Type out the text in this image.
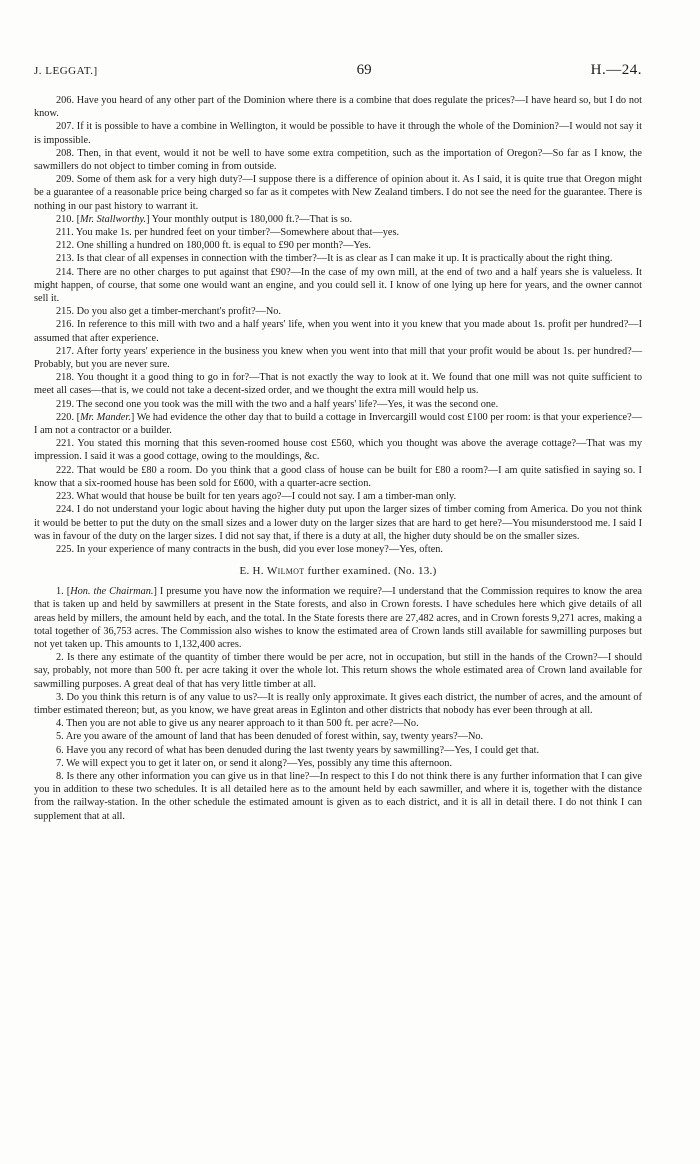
J. LEGGAT.]	69	H.—24.

206. Have you heard of any other part of the Dominion where there is a combine that does regulate the prices?—I have heard so, but I do not know.

207. If it is possible to have a combine in Wellington, it would be possible to have it through the whole of the Dominion?—I would not say it is impossible.

208. Then, in that event, would it not be well to have some extra competition, such as the importation of Oregon?—So far as I know, the sawmillers do not object to timber coming in from outside.

209. Some of them ask for a very high duty?—I suppose there is a difference of opinion about it. As I said, it is quite true that Oregon might be a guarantee of a reasonable price being charged so far as it competes with New Zealand timbers. I do not see the need for the guarantee. There is nothing in our past history to warrant it.

210. [Mr. Stallworthy.] Your monthly output is 180,000 ft.?—That is so.

211. You make 1s. per hundred feet on your timber?—Somewhere about that—yes.

212. One shilling a hundred on 180,000 ft. is equal to £90 per month?—Yes.

213. Is that clear of all expenses in connection with the timber?—It is as clear as I can make it up. It is practically about the right thing.

214. There are no other charges to put against that £90?—In the case of my own mill, at the end of two and a half years she is valueless. It might happen, of course, that some one would want an engine, and you could sell it. I know of one lying up here for years, and the owner cannot sell it.

215. Do you also get a timber-merchant's profit?—No.

216. In reference to this mill with two and a half years' life, when you went into it you knew that you made about 1s. profit per hundred?—I assumed that after experience.

217. After forty years' experience in the business you knew when you went into that mill that your profit would be about 1s. per hundred?—Probably, but you are never sure.

218. You thought it a good thing to go in for?—That is not exactly the way to look at it. We found that one mill was not quite sufficient to meet all cases—that is, we could not take a decent-sized order, and we thought the extra mill would help us.

219. The second one you took was the mill with the two and a half years' life?—Yes, it was the second one.

220. [Mr. Mander.] We had evidence the other day that to build a cottage in Invercargill would cost £100 per room: is that your experience?—I am not a contractor or a builder.

221. You stated this morning that this seven-roomed house cost £560, which you thought was above the average cottage?—That was my impression. I said it was a good cottage, owing to the mouldings, &c.

222. That would be £80 a room. Do you think that a good class of house can be built for £80 a room?—I am quite satisfied in saying so. I know that a six-roomed house has been sold for £600, with a quarter-acre section.

223. What would that house be built for ten years ago?—I could not say. I am a timber-man only.

224. I do not understand your logic about having the higher duty put upon the larger sizes of timber coming from America. Do you not think it would be better to put the duty on the small sizes and a lower duty on the larger sizes that are hard to get here?—You misunderstood me. I said I was in favour of the duty on the larger sizes. I did not say that, if there is a duty at all, the higher duty should be on the smaller sizes.

225. In your experience of many contracts in the bush, did you ever lose money?—Yes, often.

E. H. Wilmot further examined. (No. 13.)

1. [Hon. the Chairman.] I presume you have now the information we require?—I understand that the Commission requires to know the area that is taken up and held by sawmillers at present in the State forests, and also in Crown forests. I have schedules here which give details of all areas held by millers, the amount held by each, and the total. In the State forests there are 27,482 acres, and in Crown forests 9,271 acres, making a total together of 36,753 acres. The Commission also wishes to know the estimated area of Crown lands still available for sawmilling purposes but not yet taken up. This amounts to 1,132,400 acres.

2. Is there any estimate of the quantity of timber there would be per acre, not in occupation, but still in the hands of the Crown?—I should say, probably, not more than 500 ft. per acre taking it over the whole lot. This return shows the whole estimated area of Crown land available for sawmilling purposes. A great deal of that has very little timber at all.

3. Do you think this return is of any value to us?—It is really only approximate. It gives each district, the number of acres, and the amount of timber estimated thereon; but, as you know, we have great areas in Eglinton and other districts that nobody has ever been through at all.

4. Then you are not able to give us any nearer approach to it than 500 ft. per acre?—No.

5. Are you aware of the amount of land that has been denuded of forest within, say, twenty years?—No.

6. Have you any record of what has been denuded during the last twenty years by sawmilling?—Yes, I could get that.

7. We will expect you to get it later on, or send it along?—Yes, possibly any time this afternoon.

8. Is there any other information you can give us in that line?—In respect to this I do not think there is any further information that I can give you in addition to these two schedules. It is all detailed here as to the amount held by each sawmiller, and where it is, together with the distance from the railway-station. In the other schedule the estimated amount is given as to each district, and it is all in detail there. I do not think I can supplement that at all.
